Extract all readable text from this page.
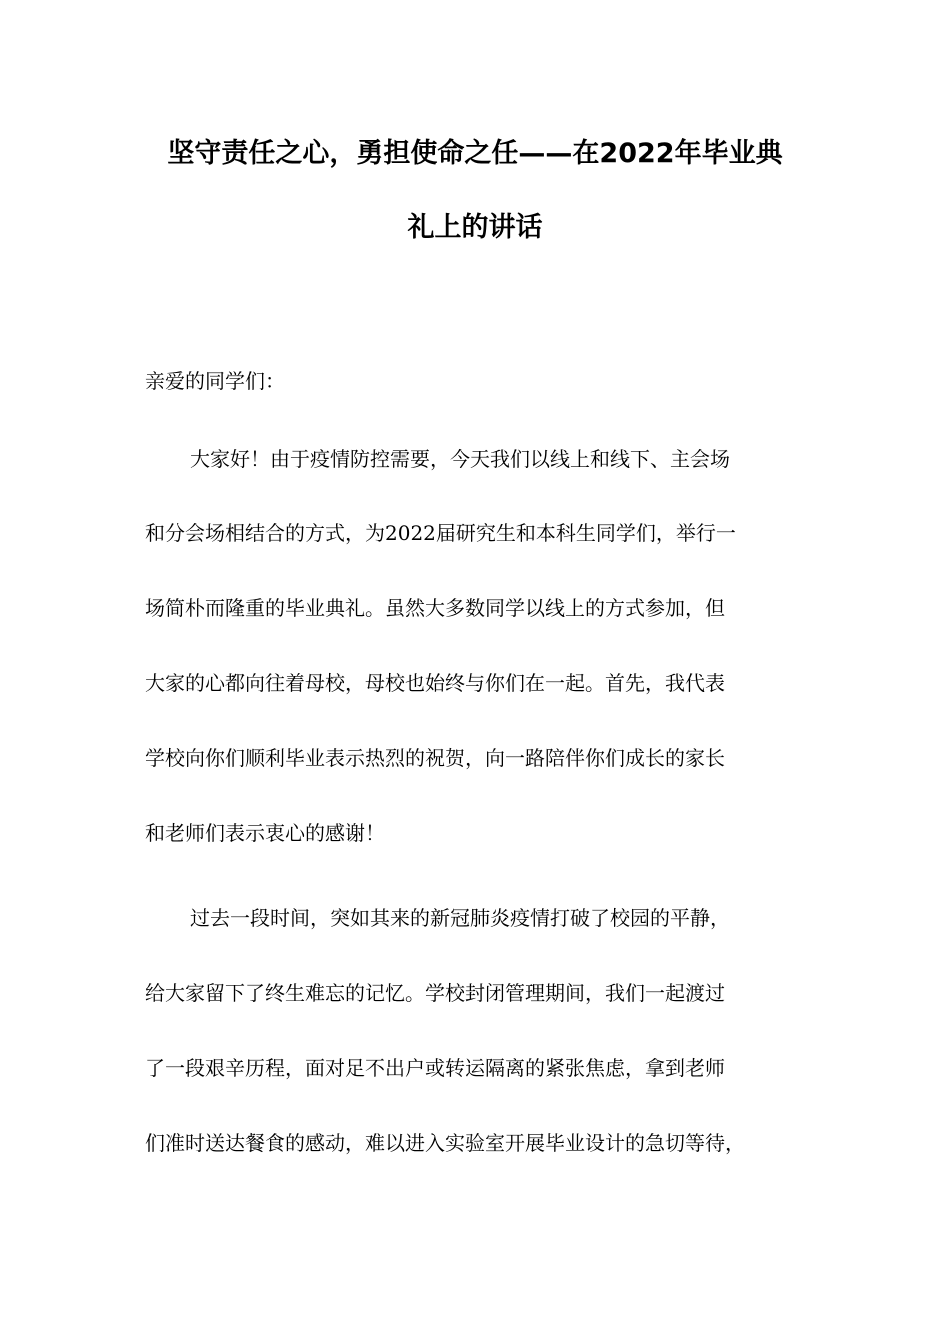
坚守责任之心，勇担使命之任——在2022年毕业典
礼上的讲话

亲爱的同学们：

大家好！由于疫情防控需要，今天我们以线上和线下、主会场

和分会场相结合的方式，为2022届研究生和本科生同学们，举行一

场简朴而隆重的毕业典礼。虽然大多数同学以线上的方式参加，但

大家的心都向往着母校，母校也始终与你们在一起。首先，我代表

学校向你们顺利毕业表示热烈的祝贺，向一路陪伴你们成长的家长

和老师们表示衷心的感谢！

过去一段时间，突如其来的新冠肺炎疫情打破了校园的平静，

给大家留下了终生难忘的记忆。学校封闭管理期间，我们一起渡过

了一段艰辛历程，面对足不出户或转运隔离的紧张焦虑，拿到老师

们准时送达餐食的感动，难以进入实验室开展毕业设计的急切等待，
